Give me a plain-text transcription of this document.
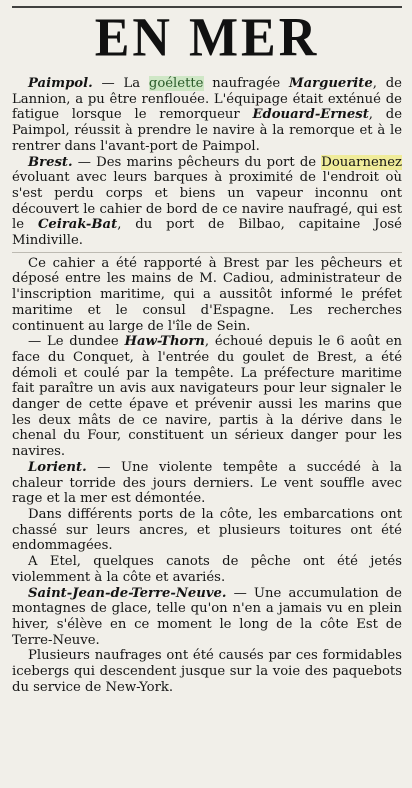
EN MER

Paimpol. — La goélette naufragée Marguerite, de Lannion, a pu être renflouée. L'équipage était exténué de fatigue lorsque le remorqueur Edouard-Ernest, de Paimpol, réussit à prendre le navire à la remorque et à le rentrer dans l'avant-port de Paimpol.

Brest. — Des marins pêcheurs du port de Douarnenez évoluant avec leurs barques à proximité de l'endroit où s'est perdu corps et biens un vapeur inconnu ont découvert le cahier de bord de ce navire naufragé, qui est le Ceirak-Bat, du port de Bilbao, capitaine José Mindiville.

Ce cahier a été rapporté à Brest par les pêcheurs et déposé entre les mains de M. Cadiou, administrateur de l'inscription maritime, qui a aussitôt informé le préfet maritime et le consul d'Espagne. Les recherches continuent au large de l'île de Sein.

— Le dundee Haw-Thorn, échoué depuis le 6 août en face du Conquet, à l'entrée du goulet de Brest, a été démoli et coulé par la tempête. La préfecture maritime fait paraître un avis aux navigateurs pour leur signaler le danger de cette épave et prévenir aussi les marins que les deux mâts de ce navire, partis à la dérive dans le chenal du Four, constituent un sérieux danger pour les navires.

Lorient. — Une violente tempête a succédé à la chaleur torride des jours derniers. Le vent souffle avec rage et la mer est démontée.

Dans différents ports de la côte, les embarcations ont chassé sur leurs ancres, et plusieurs toitures ont été endommagées.

A Etel, quelques canots de pêche ont été jetés violemment à la côte et avariés.

Saint-Jean-de-Terre-Neuve. — Une accumulation de montagnes de glace, telle qu'on n'en a jamais vu en plein hiver, s'élève en ce moment le long de la côte Est de Terre-Neuve.

Plusieurs naufrages ont été causés par ces formidables icebergs qui descendent jusque sur la voie des paquebots du service de New-York.
